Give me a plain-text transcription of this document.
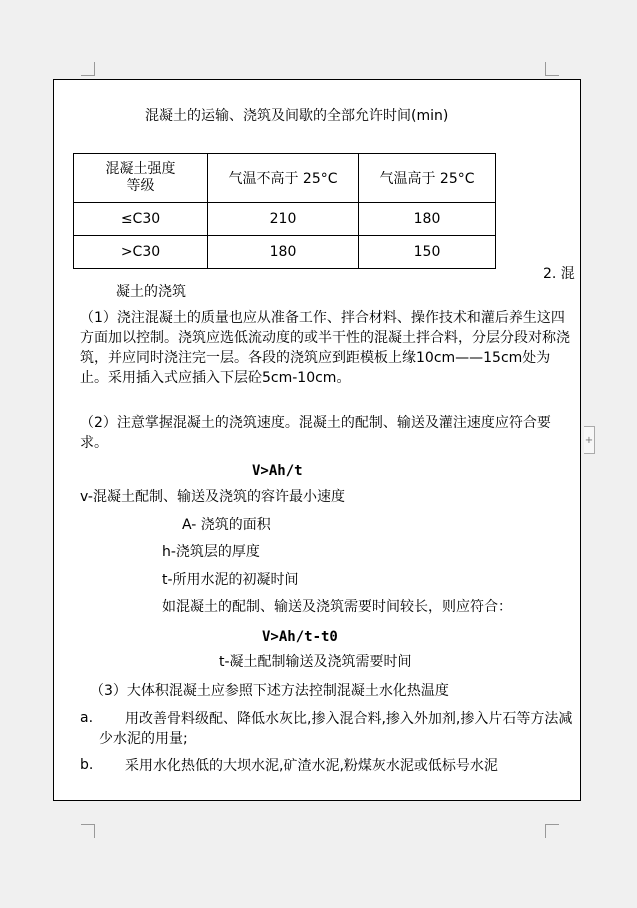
+
混凝土的运输、浇筑及间歇的全部允许时间(min)
混凝土强度
等级	气温不高于 25°C	气温高于 25°C
≤C30	210	180
>C30	180	150
2. 混
凝土的浇筑
（1）浇注混凝土的质量也应从准备工作、拌合材料、操作技术和灌后养生这四方面加以控制。浇筑应选低流动度的或半干性的混凝土拌合料，分层分段对称浇筑，并应同时浇注完一层。各段的浇筑应到距模板上缘10cm——15cm处为止。采用插入式应插入下层砼5cm-10cm。
（2）注意掌握混凝土的浇筑速度。混凝土的配制、输送及灌注速度应符合要求。
V>Ah/t
v-混凝土配制、输送及浇筑的容许最小速度
A- 浇筑的面积
h-浇筑层的厚度
t-所用水泥的初凝时间
如混凝土的配制、输送及浇筑需要时间较长，则应符合：
V>Ah/t-t0
t-凝土配制输送及浇筑需要时间
（3）大体积混凝土应参照下述方法控制混凝土水化热温度
a.	用改善骨料级配、降低水灰比,掺入混合料,掺入外加剂,掺入片石等方法减少水泥的用量;
b.	采用水化热低的大坝水泥,矿渣水泥,粉煤灰水泥或低标号水泥
